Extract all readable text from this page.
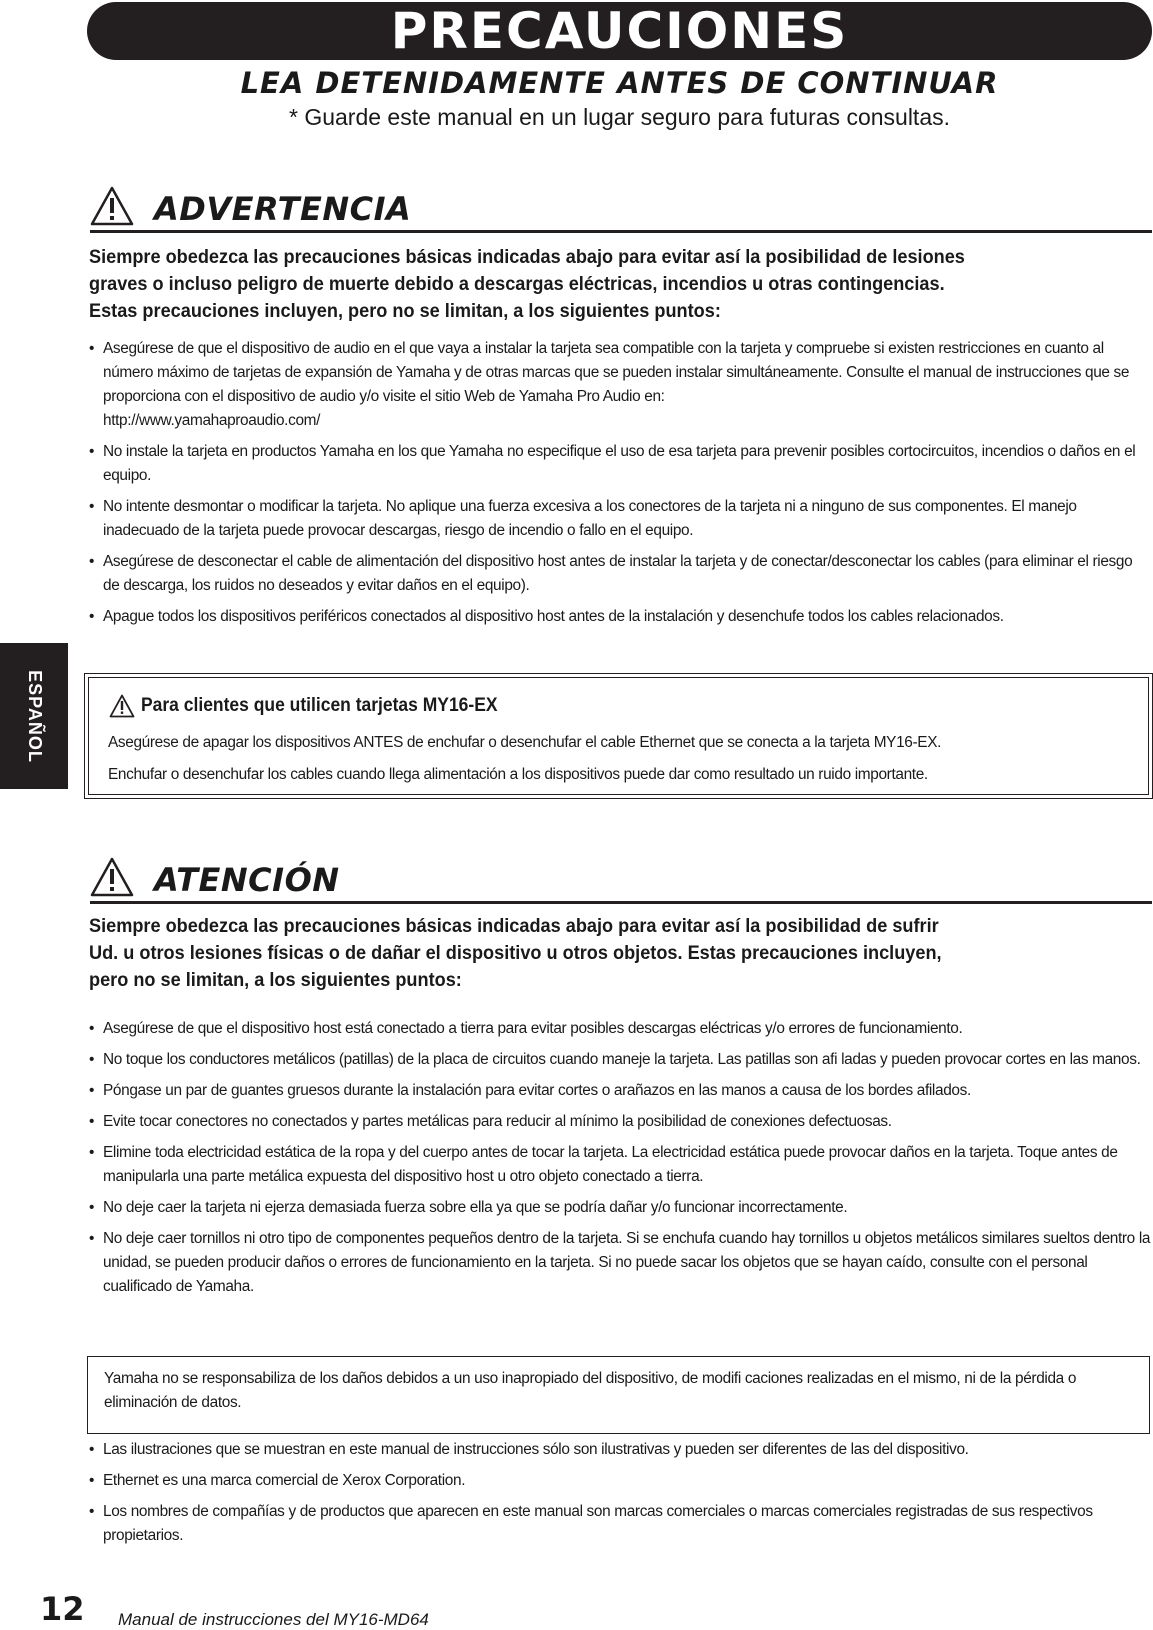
PRECAUCIONES
LEA DETENIDAMENTE ANTES DE CONTINUAR
* Guarde este manual en un lugar seguro para futuras consultas.
ESPAÑOL
ADVERTENCIA
Siempre obedezca las precauciones básicas indicadas abajo para evitar así la posibilidad de lesiones
graves o incluso peligro de muerte debido a descargas eléctricas, incendios u otras contingencias.
Estas precauciones incluyen, pero no se limitan, a los siguientes puntos:
• Asegúrese de que el dispositivo de audio en el que vaya a instalar la tarjeta sea compatible con la tarjeta y compruebe si existen restricciones en cuanto al número máximo de tarjetas de expansión de Yamaha y de otras marcas que se pueden instalar simultáneamente. Consulte el manual de instrucciones que se proporciona con el dispositivo de audio y/o visite el sitio Web de Yamaha Pro Audio en:
http://www.yamahaproaudio.com/
• No instale la tarjeta en productos Yamaha en los que Yamaha no especifique el uso de esa tarjeta para prevenir posibles cortocircuitos, incendios o daños en el equipo.
• No intente desmontar o modificar la tarjeta. No aplique una fuerza excesiva a los conectores de la tarjeta ni a ninguno de sus componentes. El manejo inadecuado de la tarjeta puede provocar descargas, riesgo de incendio o fallo en el equipo.
• Asegúrese de desconectar el cable de alimentación del dispositivo host antes de instalar la tarjeta y de conectar/desconectar los cables (para eliminar el riesgo de descarga, los ruidos no deseados y evitar daños en el equipo).
• Apague todos los dispositivos periféricos conectados al dispositivo host antes de la instalación y desenchufe todos los cables relacionados.
Para clientes que utilicen tarjetas MY16-EX
Asegúrese de apagar los dispositivos ANTES de enchufar o desenchufar el cable Ethernet que se conecta a la tarjeta MY16-EX.
Enchufar o desenchufar los cables cuando llega alimentación a los dispositivos puede dar como resultado un ruido importante.
ATENCIÓN
Siempre obedezca las precauciones básicas indicadas abajo para evitar así la posibilidad de sufrir
Ud. u otros lesiones físicas o de dañar el dispositivo u otros objetos. Estas precauciones incluyen,
pero no se limitan, a los siguientes puntos:
• Asegúrese de que el dispositivo host está conectado a tierra para evitar posibles descargas eléctricas y/o errores de funcionamiento.
• No toque los conductores metálicos (patillas) de la placa de circuitos cuando maneje la tarjeta. Las patillas son afi ladas y pueden provocar cortes en las manos.
• Póngase un par de guantes gruesos durante la instalación para evitar cortes o arañazos en las manos a causa de los bordes afilados.
• Evite tocar conectores no conectados y partes metálicas para reducir al mínimo la posibilidad de conexiones defectuosas.
• Elimine toda electricidad estática de la ropa y del cuerpo antes de tocar la tarjeta. La electricidad estática puede provocar daños en la tarjeta. Toque antes de manipularla una parte metálica expuesta del dispositivo host u otro objeto conectado a tierra.
• No deje caer la tarjeta ni ejerza demasiada fuerza sobre ella ya que se podría dañar y/o funcionar incorrectamente.
• No deje caer tornillos ni otro tipo de componentes pequeños dentro de la tarjeta. Si se enchufa cuando hay tornillos u objetos metálicos similares sueltos dentro la unidad, se pueden producir daños o errores de funcionamiento en la tarjeta. Si no puede sacar los objetos que se hayan caído, consulte con el personal cualificado de Yamaha.
Yamaha no se responsabiliza de los daños debidos a un uso inapropiado del dispositivo, de modifi caciones realizadas en el mismo, ni de la pérdida o eliminación de datos.
• Las ilustraciones que se muestran en este manual de instrucciones sólo son ilustrativas y pueden ser diferentes de las del dispositivo.
• Ethernet es una marca comercial de Xerox Corporation.
• Los nombres de compañías y de productos que aparecen en este manual son marcas comerciales o marcas comerciales registradas de sus respectivos propietarios.
12 Manual de instrucciones del MY16-MD64
